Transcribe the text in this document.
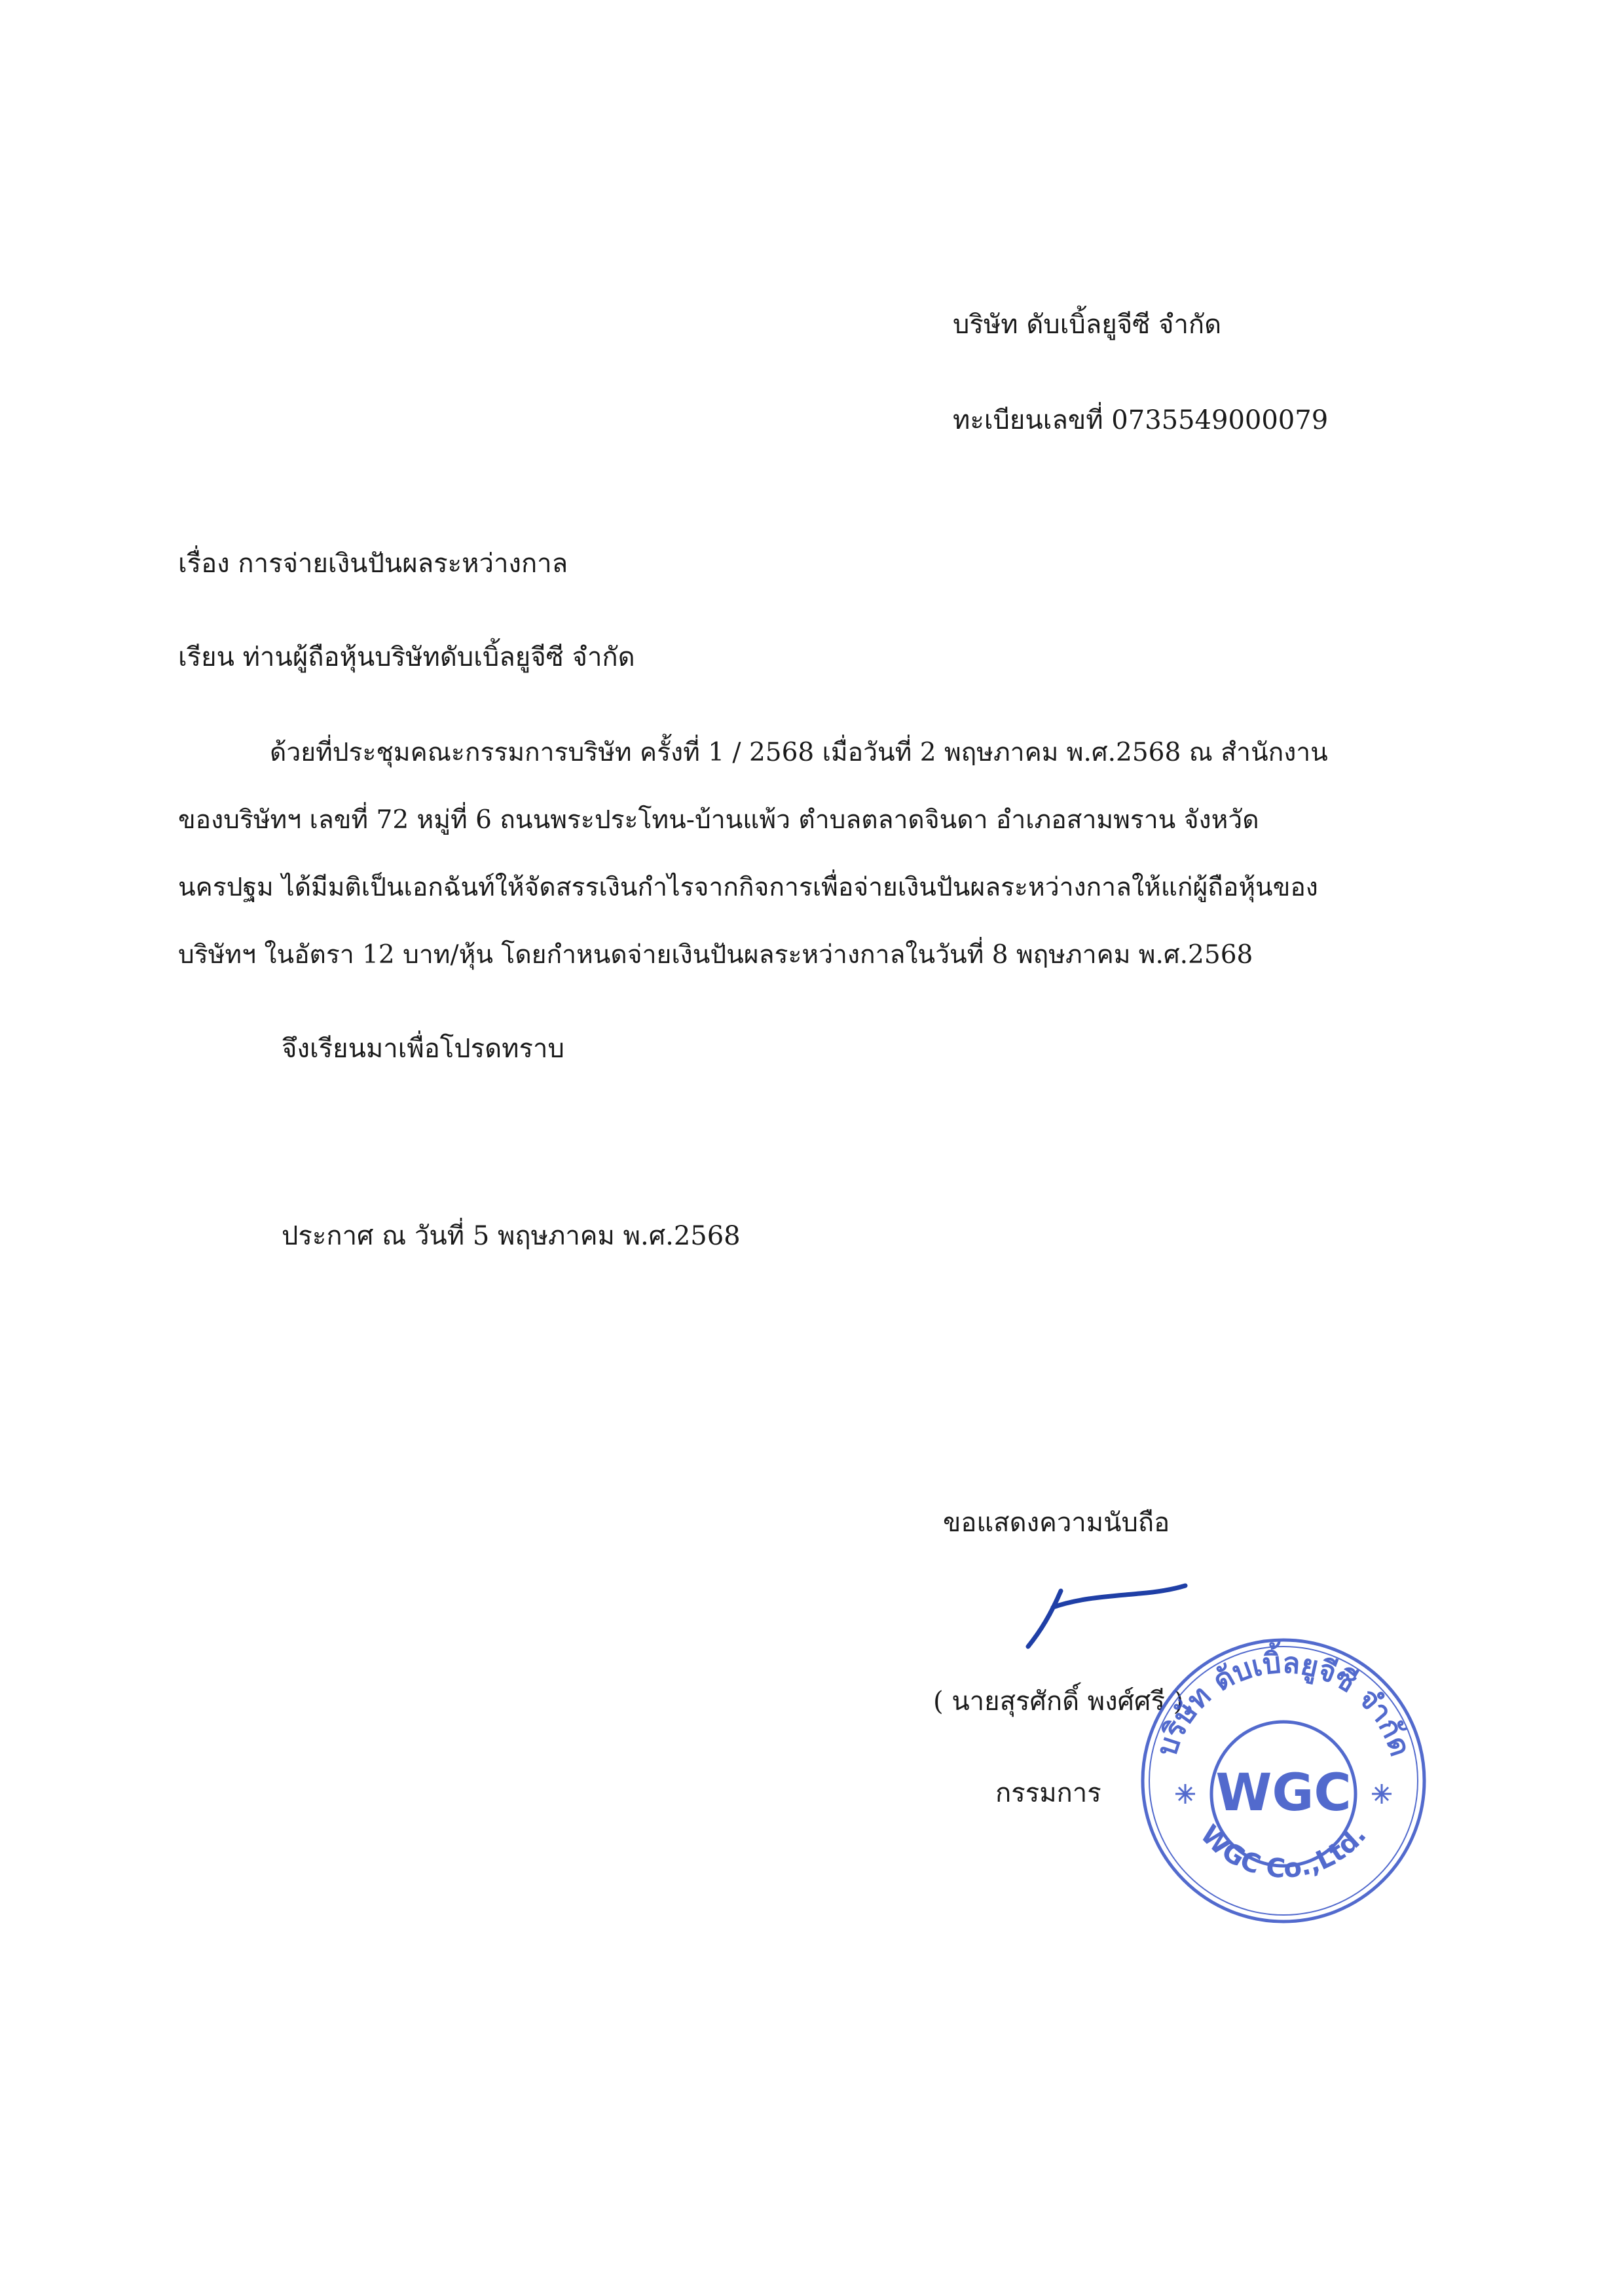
บริษัท ดับเบิ้ลยูจีซี จำกัด
ทะเบียนเลขที่ 0735549000079
เรื่อง การจ่ายเงินปันผลระหว่างกาล
เรียน ท่านผู้ถือหุ้นบริษัทดับเบิ้ลยูจีซี จำกัด
ด้วยที่ประชุมคณะกรรมการบริษัท ครั้งที่ 1 / 2568 เมื่อวันที่ 2 พฤษภาคม พ.ศ.2568 ณ สำนักงาน
ของบริษัทฯ เลขที่ 72 หมู่ที่ 6 ถนนพระประโทน-บ้านแพ้ว ตำบลตลาดจินดา อำเภอสามพราน จังหวัด
นครปฐม ได้มีมติเป็นเอกฉันท์ให้จัดสรรเงินกำไรจากกิจการเพื่อจ่ายเงินปันผลระหว่างกาลให้แก่ผู้ถือหุ้นของ
บริษัทฯ ในอัตรา 12 บาท/หุ้น โดยกำหนดจ่ายเงินปันผลระหว่างกาลในวันที่ 8 พฤษภาคม พ.ศ.2568
จึงเรียนมาเพื่อโปรดทราบ
ประกาศ ณ วันที่ 5 พฤษภาคม พ.ศ.2568
ขอแสดงความนับถือ
( นายสุรศักดิ์ พงศ์ศรี )
กรรมการ
บริษัท ดับเบิ้ลยูจีซี จำกัด
WGC
WGC Co.,Ltd.
